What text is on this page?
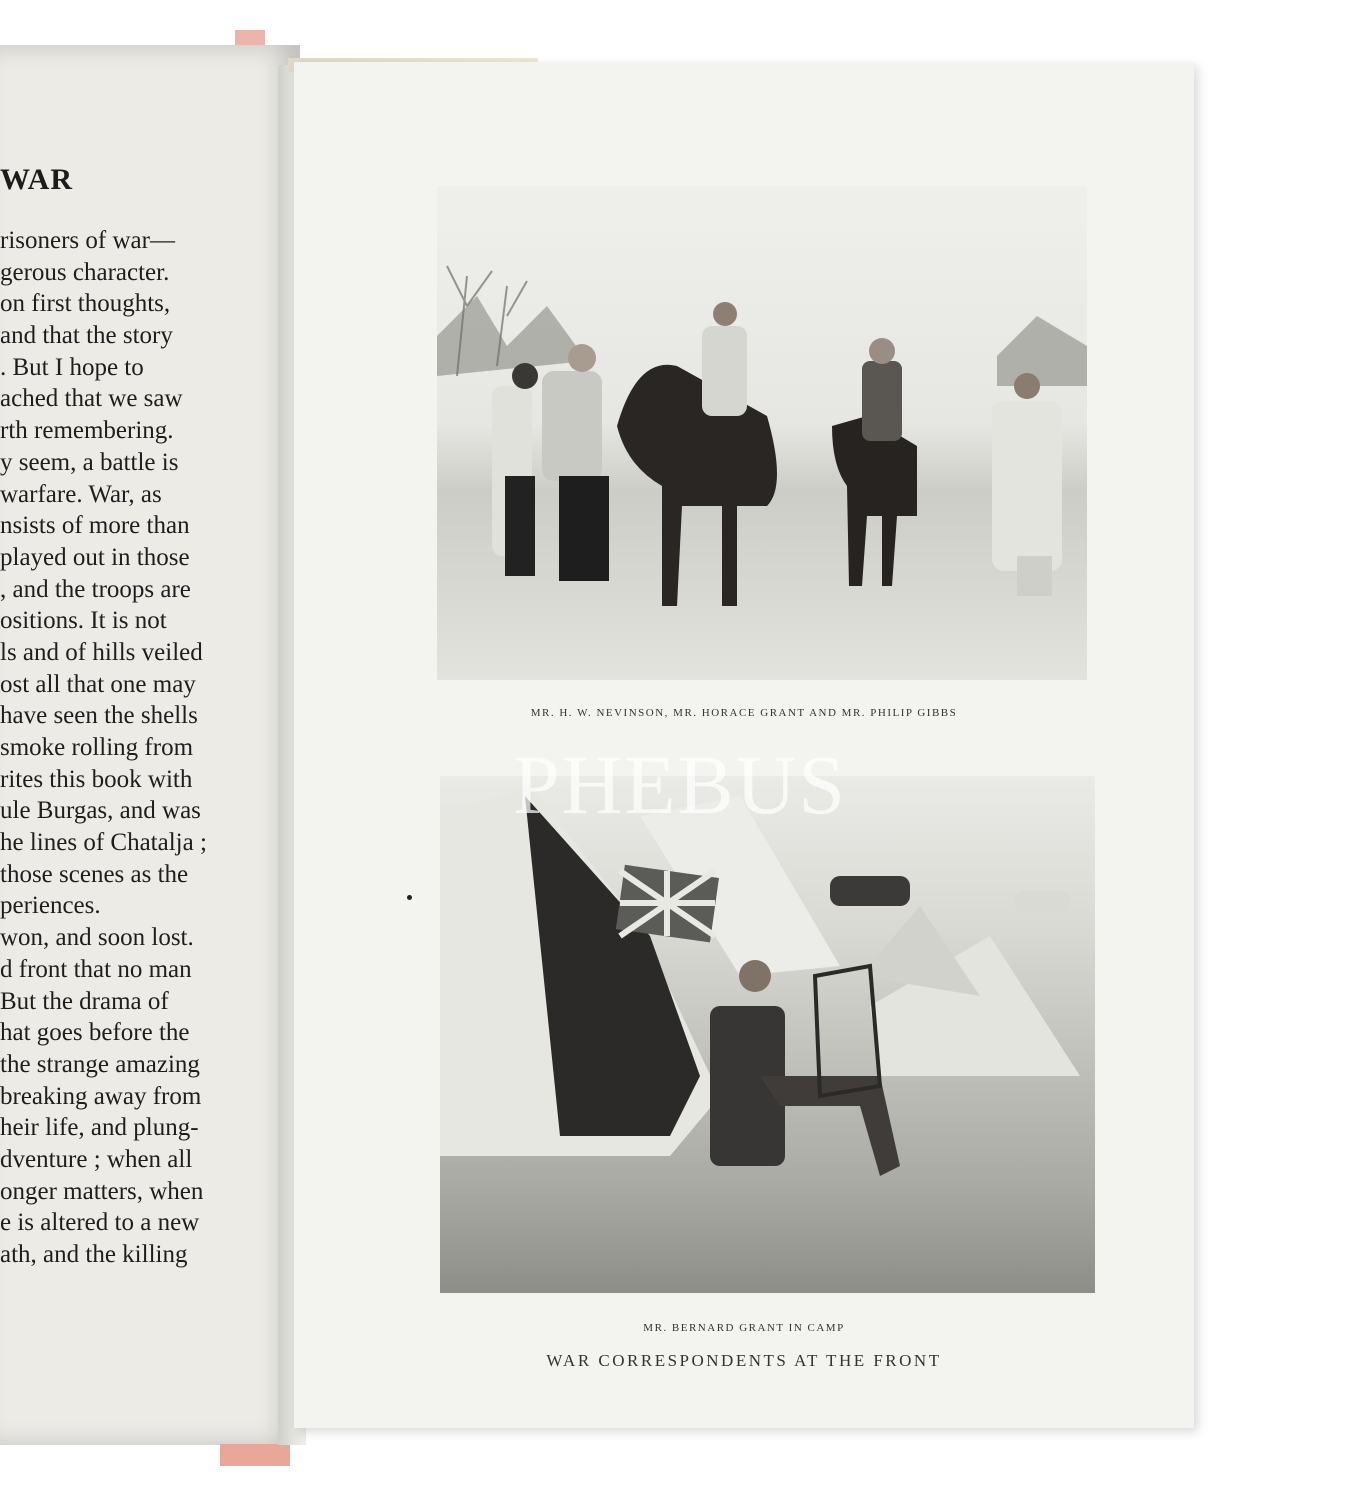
WAR
risoners of war—
gerous character.
on first thoughts,
and that the story
. But I hope to
ached that we saw
rth remembering.
y seem, a battle is
warfare. War, as
nsists of more than
played out in those
, and the troops are
ositions. It is not
ls and of hills veiled
ost all that one may
have seen the shells
smoke rolling from
rites this book with
ule Burgas, and was
he lines of Chatalja ;
those scenes as the
periences.
won, and soon lost.
d front that no man
But the drama of
hat goes before the
the strange amazing
breaking away from
heir life, and plung-
dventure ; when all
onger matters, when
e is altered to a new
ath, and the killing
MR. H. W. NEVINSON, MR. HORACE GRANT AND MR. PHILIP GIBBS
MR. BERNARD GRANT IN CAMP
WAR CORRESPONDENTS AT THE FRONT
PHEBUS
